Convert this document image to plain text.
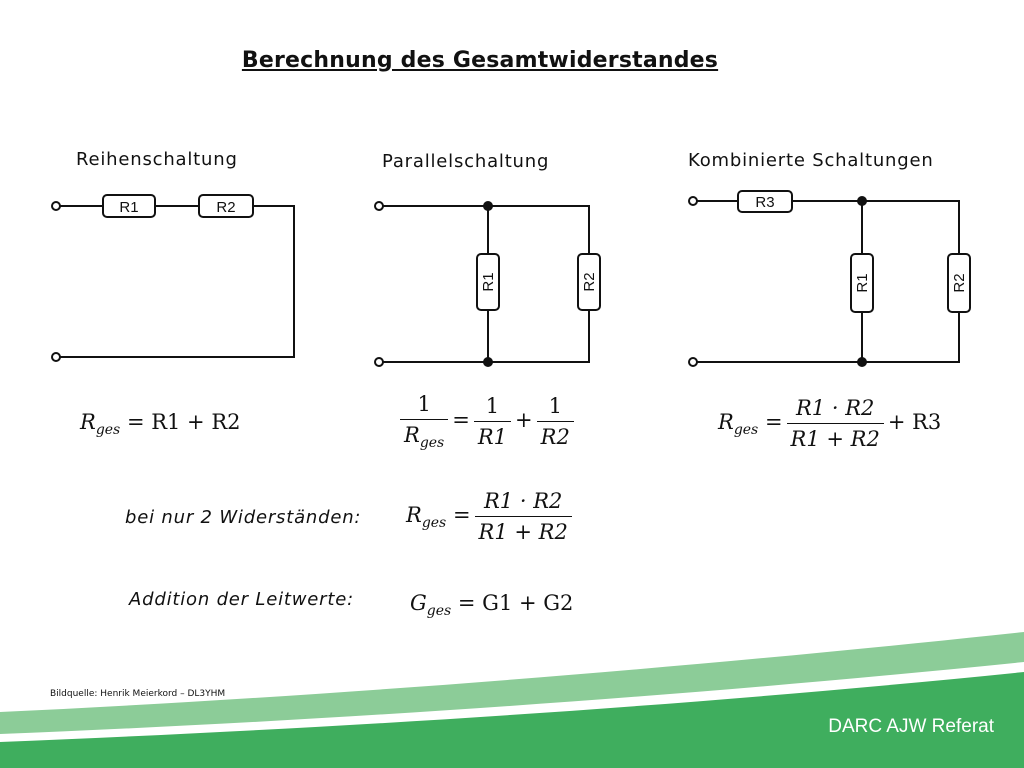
R1	R2
R1	R2
R3
R1	R2
Berechnung des Gesamtwiderstandes
Reihenschaltung	Parallelschaltung	Kombinierte Schaltungen
$R_{ges} = R1 + R2$	$\frac{1}{R_{ges}} = \frac{1}{R1} + \frac{1}{R2}$	$R_{ges} = \frac{R1 \cdot R2}{R1 + R2} + R3$
bei nur 2 Widerständen: $R_{ges} = \frac{R1 \cdot R2}{R1 + R2}$
Addition der Leitwerte:	$G_{ges} = G1 + G2$
Bildquelle: Henrik Meierkord – DL3YHM
DARC AJW Referat
